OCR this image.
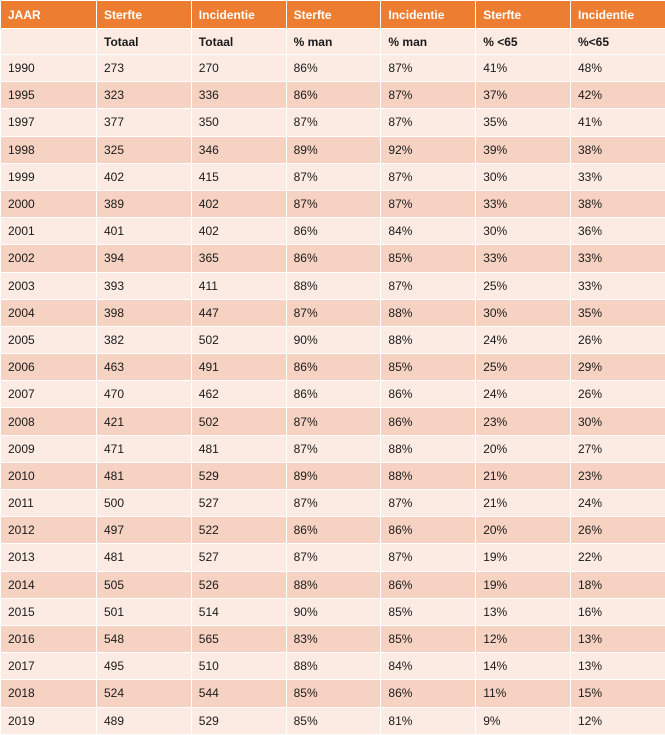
JAAR	Sterfte	Incidentie	Sterfte	Incidentie	Sterfte	Incidentie
	Totaal	Totaal	% man	% man	% <65	%<65
1990	273	270	86%	87%	41%	48%
1995	323	336	86%	87%	37%	42%
1997	377	350	87%	87%	35%	41%
1998	325	346	89%	92%	39%	38%
1999	402	415	87%	87%	30%	33%
2000	389	402	87%	87%	33%	38%
2001	401	402	86%	84%	30%	36%
2002	394	365	86%	85%	33%	33%
2003	393	411	88%	87%	25%	33%
2004	398	447	87%	88%	30%	35%
2005	382	502	90%	88%	24%	26%
2006	463	491	86%	85%	25%	29%
2007	470	462	86%	86%	24%	26%
2008	421	502	87%	86%	23%	30%
2009	471	481	87%	88%	20%	27%
2010	481	529	89%	88%	21%	23%
2011	500	527	87%	87%	21%	24%
2012	497	522	86%	86%	20%	26%
2013	481	527	87%	87%	19%	22%
2014	505	526	88%	86%	19%	18%
2015	501	514	90%	85%	13%	16%
2016	548	565	83%	85%	12%	13%
2017	495	510	88%	84%	14%	13%
2018	524	544	85%	86%	11%	15%
2019	489	529	85%	81%	9%	12%
